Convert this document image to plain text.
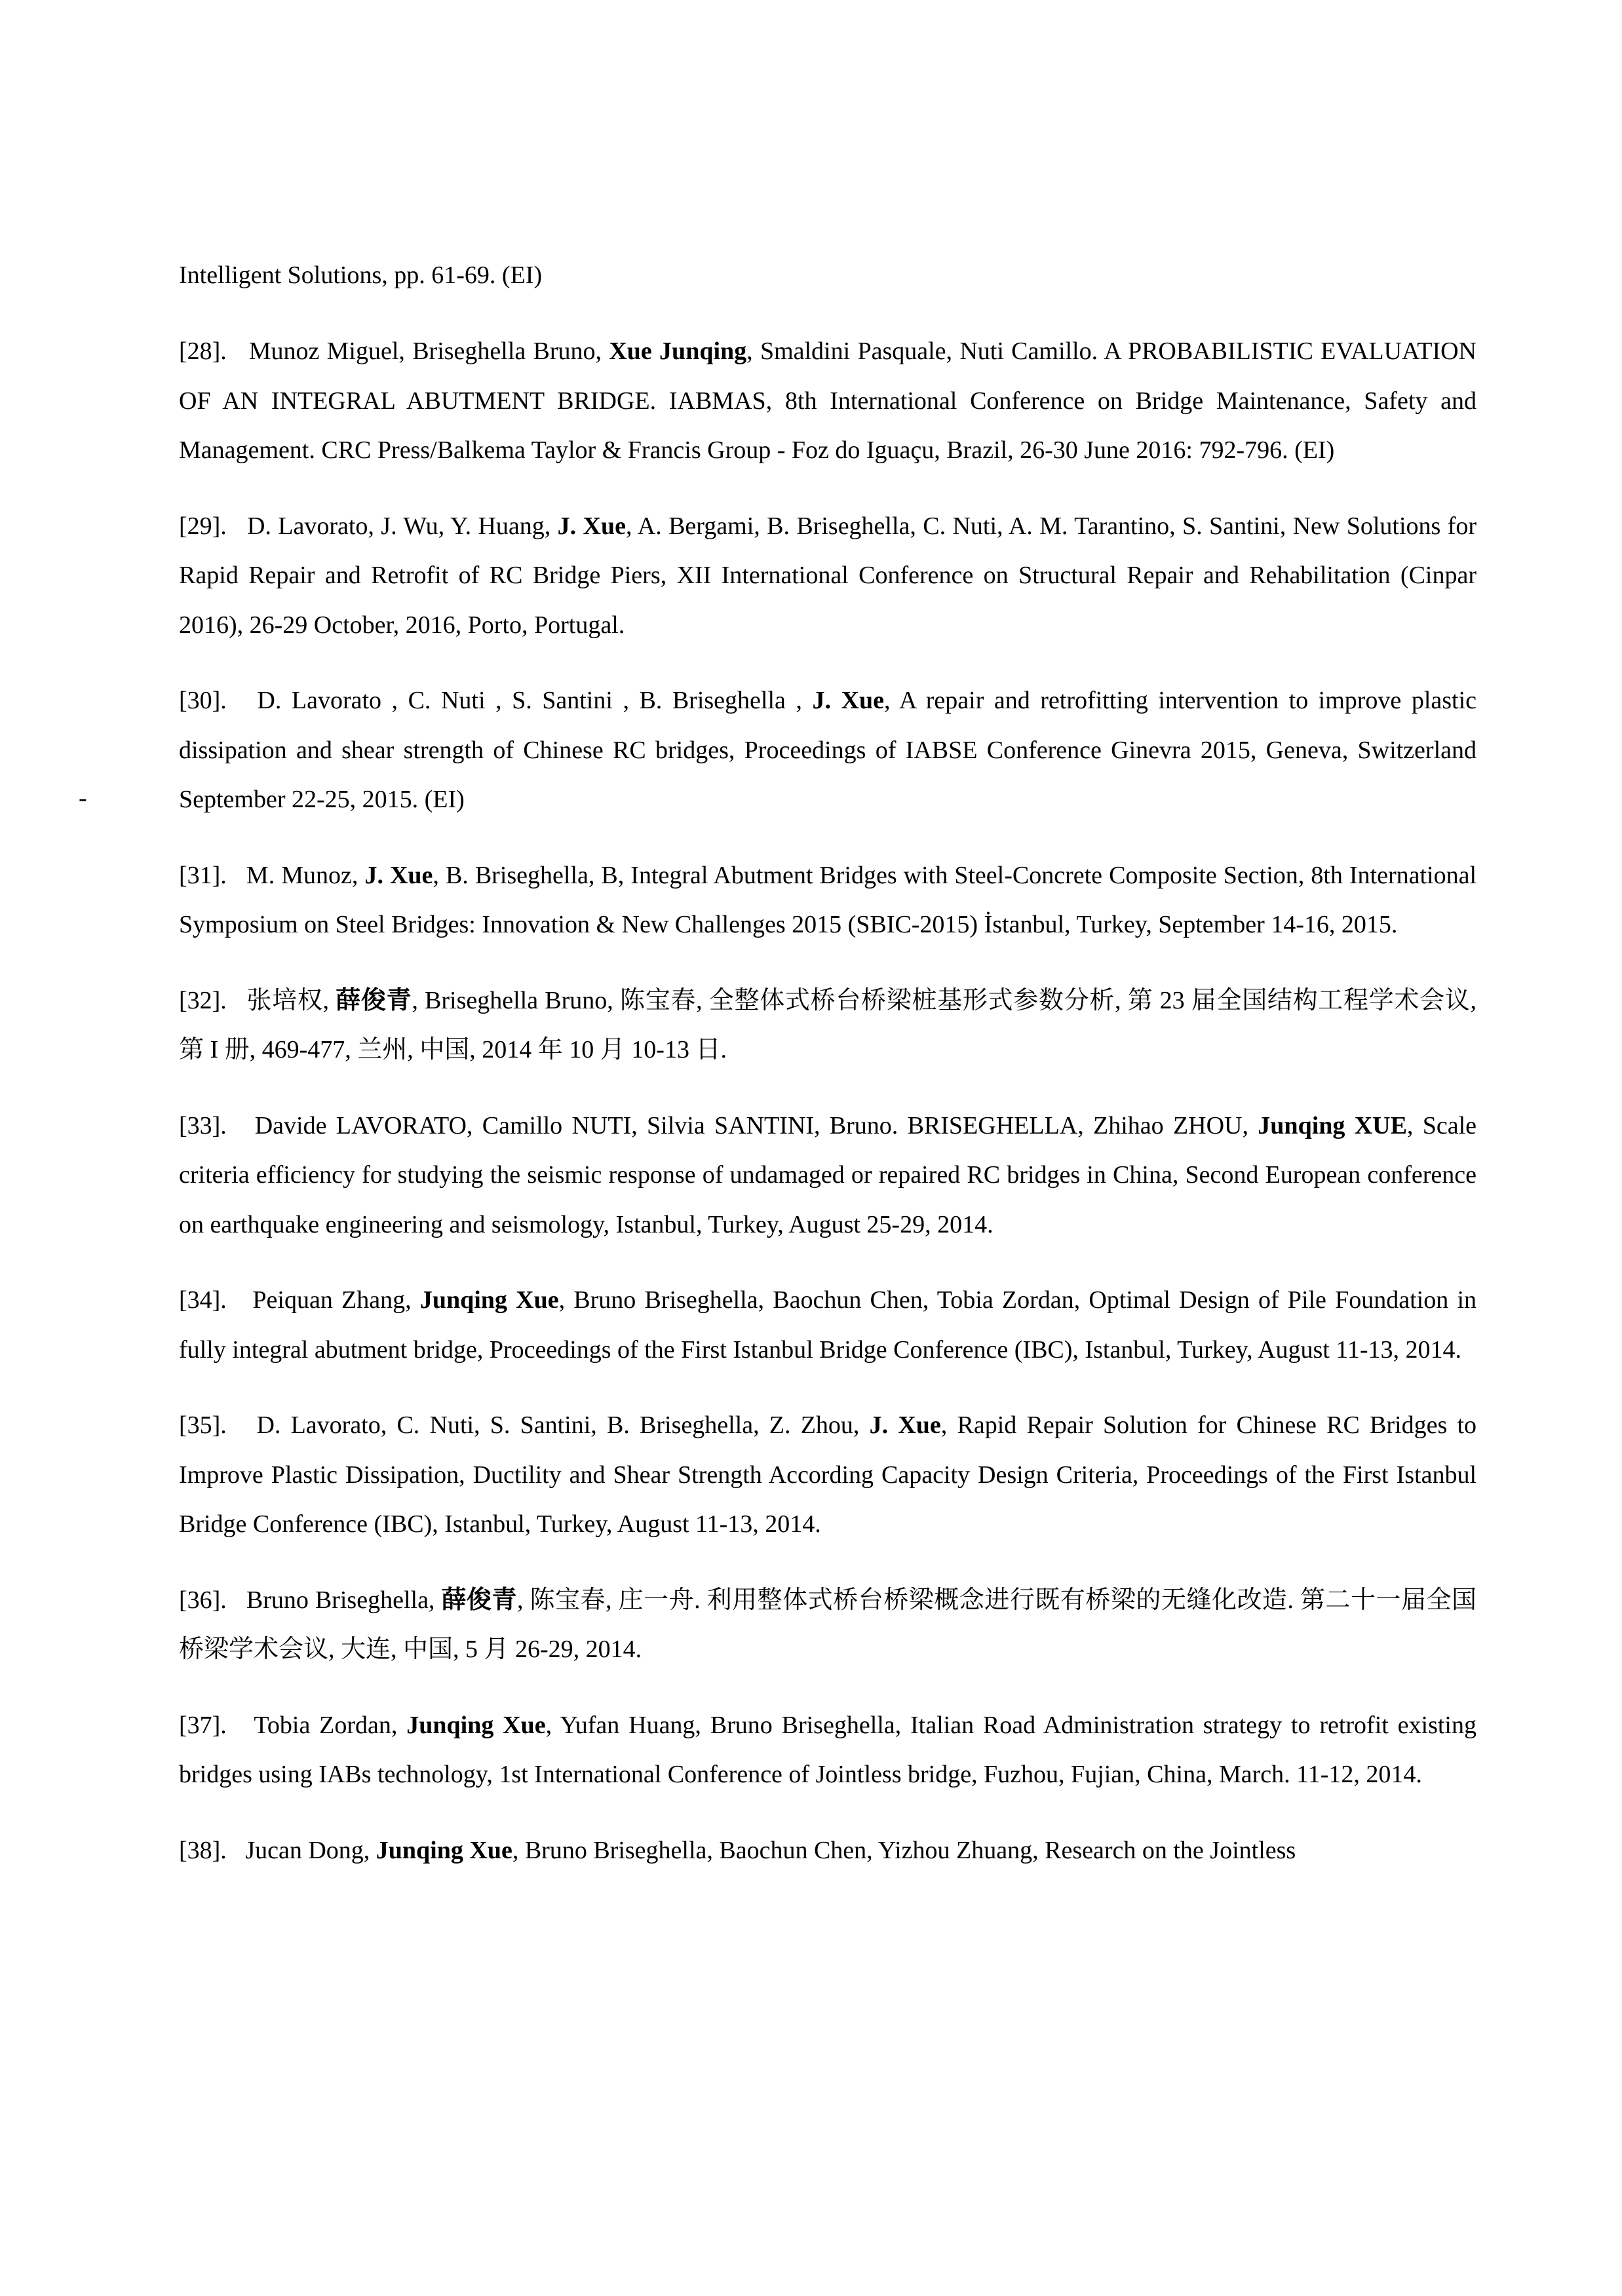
-

Intelligent Solutions, pp. 61-69. (EI)

[28]. Munoz Miguel, Briseghella Bruno, Xue Junqing, Smaldini Pasquale, Nuti Camillo. A PROBABILISTIC EVALUATION OF AN INTEGRAL ABUTMENT BRIDGE. IABMAS, 8th International Conference on Bridge Maintenance, Safety and Management. CRC Press/Balkema Taylor & Francis Group - Foz do Iguaçu, Brazil, 26-30 June 2016: 792-796. (EI)

[29]. D. Lavorato, J. Wu, Y. Huang, J. Xue, A. Bergami, B. Briseghella, C. Nuti, A. M. Tarantino, S. Santini, New Solutions for Rapid Repair and Retrofit of RC Bridge Piers, XII International Conference on Structural Repair and Rehabilitation (Cinpar 2016), 26-29 October, 2016, Porto, Portugal.

[30]. D. Lavorato , C. Nuti , S. Santini , B. Briseghella , J. Xue, A repair and retrofitting intervention to improve plastic dissipation and shear strength of Chinese RC bridges, Proceedings of IABSE Conference Ginevra 2015, Geneva, Switzerland September 22-25, 2015. (EI)

[31]. M. Munoz, J. Xue, B. Briseghella, B, Integral Abutment Bridges with Steel-Concrete Composite Section, 8th International Symposium on Steel Bridges: Innovation & New Challenges 2015 (SBIC-2015) İstanbul, Turkey, September 14-16, 2015.

[32]. 张培权, 薛俊青, Briseghella Bruno, 陈宝春, 全整体式桥台桥梁桩基形式参数分析, 第 23 届全国结构工程学术会议, 第 I 册, 469-477, 兰州, 中国, 2014 年 10 月 10-13 日.

[33]. Davide LAVORATO, Camillo NUTI, Silvia SANTINI, Bruno. BRISEGHELLA, Zhihao ZHOU, Junqing XUE, Scale criteria efficiency for studying the seismic response of undamaged or repaired RC bridges in China, Second European conference on earthquake engineering and seismology, Istanbul, Turkey, August 25-29, 2014.

[34]. Peiquan Zhang, Junqing Xue, Bruno Briseghella, Baochun Chen, Tobia Zordan, Optimal Design of Pile Foundation in fully integral abutment bridge, Proceedings of the First Istanbul Bridge Conference (IBC), Istanbul, Turkey, August 11-13, 2014.

[35]. D. Lavorato, C. Nuti, S. Santini, B. Briseghella, Z. Zhou, J. Xue, Rapid Repair Solution for Chinese RC Bridges to Improve Plastic Dissipation, Ductility and Shear Strength According Capacity Design Criteria, Proceedings of the First Istanbul Bridge Conference (IBC), Istanbul, Turkey, August 11-13, 2014.

[36]. Bruno Briseghella, 薛俊青, 陈宝春, 庄一舟. 利用整体式桥台桥梁概念进行既有桥梁的无缝化改造. 第二十一届全国桥梁学术会议, 大连, 中国, 5 月 26-29, 2014.

[37]. Tobia Zordan, Junqing Xue, Yufan Huang, Bruno Briseghella, Italian Road Administration strategy to retrofit existing bridges using IABs technology, 1st International Conference of Jointless bridge, Fuzhou, Fujian, China, March. 11-12, 2014.

[38]. Jucan Dong, Junqing Xue, Bruno Briseghella, Baochun Chen, Yizhou Zhuang, Research on the Jointless
